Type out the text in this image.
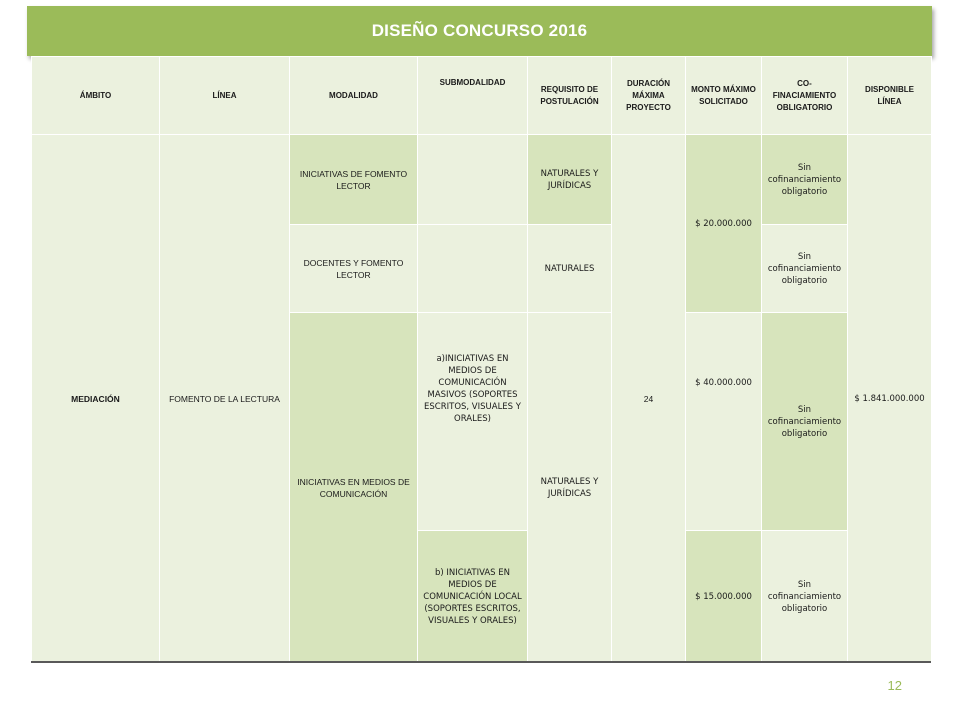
DISEÑO CONCURSO 2016
ÁMBITO	LÍNEA	MODALIDAD	SUBMODALIDAD	REQUISITO DE POSTULACIÓN	DURACIÓN MÁXIMA PROYECTO	MONTO MÁXIMO SOLICITADO	CO-FINACIAMIENTO OBLIGATORIO	DISPONIBLE LÍNEA
MEDIACIÓN	FOMENTO DE LA LECTURA	INICIATIVAS DE FOMENTO LECTOR		NATURALES Y JURÍDICAS	24	$ 20.000.000	Sin cofinanciamiento obligatorio	$ 1.841.000.000
		DOCENTES Y FOMENTO LECTOR		NATURALES			Sin cofinanciamiento obligatorio	
		INICIATIVAS EN MEDIOS DE COMUNICACIÓN	a)INICIATIVAS EN MEDIOS DE COMUNICACIÓN MASIVOS (SOPORTES ESCRITOS, VISUALES Y ORALES)	NATURALES Y JURÍDICAS		$ 40.000.000	Sin cofinanciamiento obligatorio	

			b) INICIATIVAS EN MEDIOS DE COMUNICACIÓN LOCAL (SOPORTES ESCRITOS, VISUALES Y ORALES)			$ 15.000.000	Sin cofinanciamiento obligatorio	
12
